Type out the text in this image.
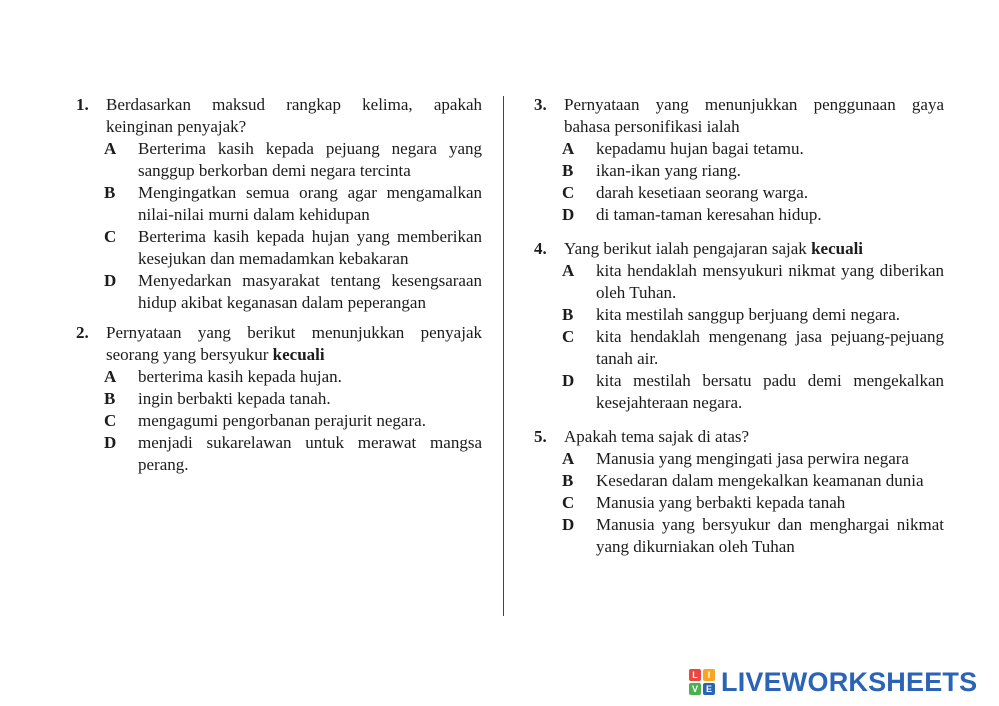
1. Berdasarkan maksud rangkap kelima, apakah keinginan penyajak?
A Berterima kasih kepada pejuang negara yang sanggup berkorban demi negara tercinta
B Mengingatkan semua orang agar mengamalkan nilai-nilai murni dalam kehidupan
C Berterima kasih kepada hujan yang memberikan kesejukan dan memadamkan kebakaran
D Menyedarkan masyarakat tentang kesengsaraan hidup akibat keganasan dalam peperangan
2. Pernyataan yang berikut menunjukkan penyajak seorang yang bersyukur kecuali
A berterima kasih kepada hujan.
B ingin berbakti kepada tanah.
C mengagumi pengorbanan perajurit negara.
D menjadi sukarelawan untuk merawat mangsa perang.
3. Pernyataan yang menunjukkan penggunaan gaya bahasa personifikasi ialah
A kepadamu hujan bagai tetamu.
B ikan-ikan yang riang.
C darah kesetiaan seorang warga.
D di taman-taman keresahan hidup.
4. Yang berikut ialah pengajaran sajak kecuali
A kita hendaklah mensyukuri nikmat yang diberikan oleh Tuhan.
B kita mestilah sanggup berjuang demi negara.
C kita hendaklah mengenang jasa pejuang-pejuang tanah air.
D kita mestilah bersatu padu demi mengekalkan kesejahteraan negara.
5. Apakah tema sajak di atas?
A Manusia yang mengingati jasa perwira negara
B Kesedaran dalam mengekalkan keamanan dunia
C Manusia yang berbakti kepada tanah
D Manusia yang bersyukur dan menghargai nikmat yang dikurniakan oleh Tuhan
L	I
V E LIVEWORKSHEETS
